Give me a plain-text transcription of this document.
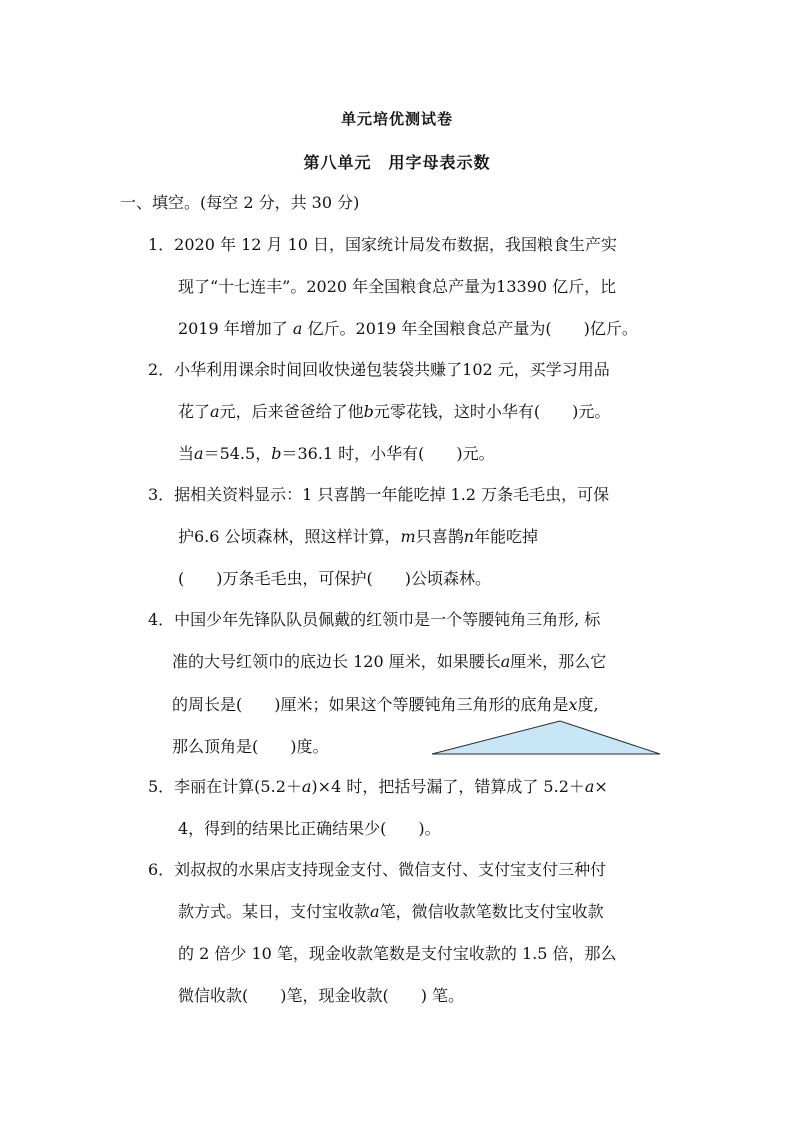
单元培优测试卷
第八单元　用字母表示数
一、填空。(每空 2 分，共 30 分)
1．2020 年 12 月 10 日，国家统计局发布数据，我国粮食生产实
现了“十七连丰”。2020 年全国粮食总产量为13390 亿斤，比
2019 年增加了 a 亿斤。2019 年全国粮食总产量为(　　)亿斤。
2．小华利用课余时间回收快递包装袋共赚了102 元，买学习用品
花了a元，后来爸爸给了他b元零花钱，这时小华有(　　)元。
当a＝54.5，b＝36.1 时，小华有(　　)元。
3．据相关资料显示：1 只喜鹊一年能吃掉 1.2 万条毛毛虫，可保
护6.6 公顷森林，照这样计算，m只喜鹊n年能吃掉
(　　)万条毛毛虫，可保护(　　)公顷森林。
4．中国少年先锋队队员佩戴的红领巾是一个等腰钝角三角形, 标
准的大号红领巾的底边长 120 厘米，如果腰长a厘米，那么它
的周长是(　　)厘米；如果这个等腰钝角三角形的底角是x度,
那么顶角是(　　)度。
5．李丽在计算(5.2＋a)×4 时，把括号漏了，错算成了 5.2＋a×
4，得到的结果比正确结果少(　　)。
6．刘叔叔的水果店支持现金支付、微信支付、支付宝支付三种付
款方式。某日，支付宝收款a笔，微信收款笔数比支付宝收款
的 2 倍少 10 笔，现金收款笔数是支付宝收款的 1.5 倍，那么
微信收款(　　)笔，现金收款(　　) 笔。
